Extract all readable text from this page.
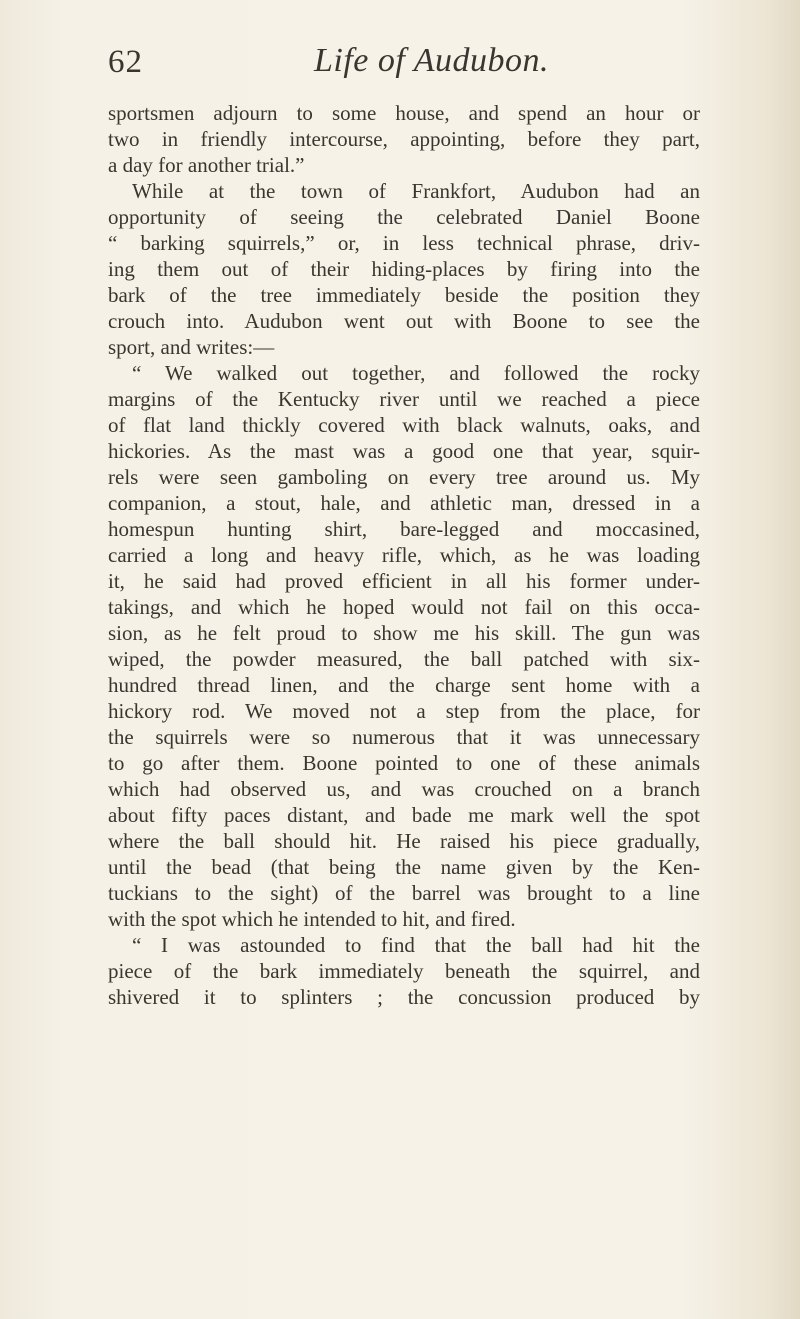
62	Life of Audubon.
sportsmen adjourn to some house, and spend an hour or
two in friendly intercourse, appointing, before they part,
a day for another trial.”
While at the town of Frankfort, Audubon had an
opportunity of seeing the celebrated Daniel Boone
“ barking squirrels,” or, in less technical phrase, driv-
ing them out of their hiding-places by firing into the
bark of the tree immediately beside the position they
crouch into. Audubon went out with Boone to see the
sport, and writes:—
“ We walked out together, and followed the rocky
margins of the Kentucky river until we reached a piece
of flat land thickly covered with black walnuts, oaks, and
hickories. As the mast was a good one that year, squir-
rels were seen gamboling on every tree around us. My
companion, a stout, hale, and athletic man, dressed in a
homespun hunting shirt, bare-legged and moccasined,
carried a long and heavy rifle, which, as he was loading
it, he said had proved efficient in all his former under-
takings, and which he hoped would not fail on this occa-
sion, as he felt proud to show me his skill. The gun was
wiped, the powder measured, the ball patched with six-
hundred thread linen, and the charge sent home with a
hickory rod. We moved not a step from the place, for
the squirrels were so numerous that it was unnecessary
to go after them. Boone pointed to one of these animals
which had observed us, and was crouched on a branch
about fifty paces distant, and bade me mark well the spot
where the ball should hit. He raised his piece gradually,
until the bead (that being the name given by the Ken-
tuckians to the sight) of the barrel was brought to a line
with the spot which he intended to hit, and fired.
“ I was astounded to find that the ball had hit the
piece of the bark immediately beneath the squirrel, and
shivered it to splinters ; the concussion produced by
